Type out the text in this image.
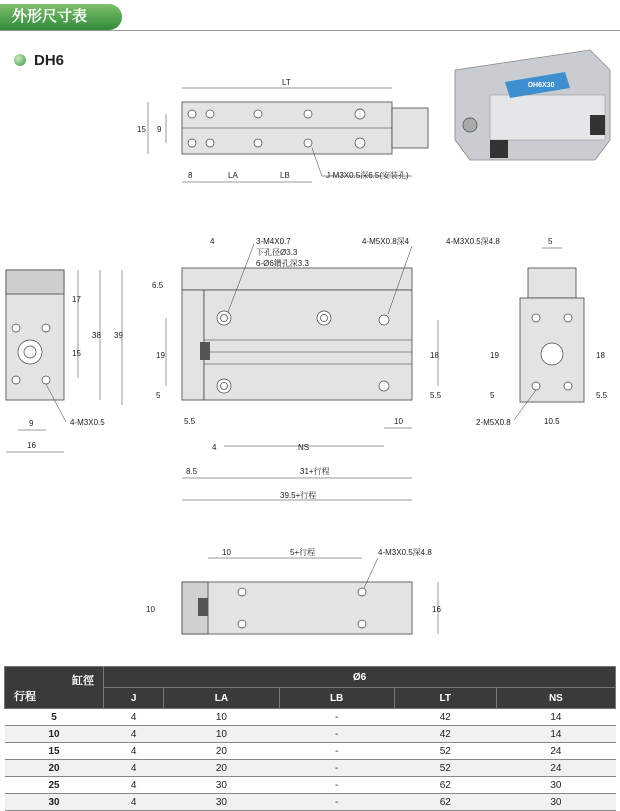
外形尺寸表
DH6
DH6X30
LT
15 9
8	LA	LB	J-M3X0.5深6.5(安装孔)
17
15
38 39
9
16
4-M3X0.5
4	3-M4X0.7
下孔径Ø3.3
6-Ø6鑽孔深3.3
4-M5X0.8深4
6.5
19
5
18
5.5
5.5
4	NS
10
8.5	31+行程
39.5+行程
4-M3X0.5深4.8	5
19
5
18
5.5
10.5
2-M5X0.8
10	5+行程	4-M3X0.5深4.8
10	16
缸徑
行程	Ø6				
	J	LA	LB	LT	NS
5	4	10	-	42	14
10	4	10	-	42	14
15	4	20	-	52	24
20	4	20	-	52	24
25	4	30	-	62	30
30	4	30	-	62	30
